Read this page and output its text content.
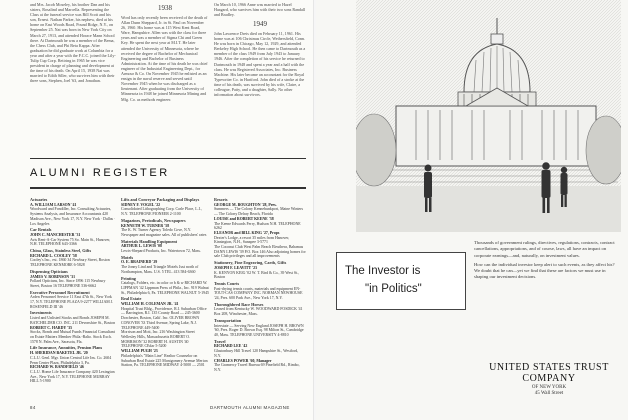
and Mrs. Jacob Moseley, his brother Dan and his sisters, Rosalind and Marcella. Representing the Class at the funeral service was Bill Scott and his son, Ernest. Nathan Parker, his nephew, died at his home on East Woods Road, Pound Ridge, N.Y., on September 25. Nat was born in New York City on March 27, 1913, and attended Horace Mann School there. At Dartmouth he was a member of the Bema, the Chess Club, and Phi Beta Kappa. After graduation he did graduate work at Columbia for a year and after a year with the F.C.C. joined the Lily-Tulip Cup Corp. Retiring in 1965 he was vice president in charge of planning and development at the time of his death. On April 15, 1938 Nat was married to Edith Siller, who survives him with their three sons, Stephen, Joel '63, and Jonathan.
1938
Word has only recently been received of the death of Allan Dunn Sheppard, Jr. in St. Paul on November 26, 1960. His home was at 115 West Kent Road, Ware, Hampshire. Allen was with the class for three years and was a member of Sigma Chi and Green Key. He spent the next year at M.I.T. He later attended the University of Minnesota, where he received the degree of Bachelor of Mechanical Engineering and Bachelor of Business Administration. At the time of his death he was chief engineer of the Industrial Engineering Dept., for Armour & Co. On November 1945 he enlisted as an ensign in the naval reserve and served until November 1945 when he was discharged as a lieutenant. After graduating from the University of Minnesota in 1948 he joined Minnesota Mining and Mfg. Co. as methods engineer.
On March 10, 1966 Anne was married to Hazel Haagard, who survives him with their two sons Randall and Bradley.
1949
John Lawrence Dreis died on February 11, 1961. His home was at 106 Christmas Circle, Wethersfield, Conn. He was born in Chicago, May 12, 1929, and attended Berkeley High School. He then came to Dartmouth as a member of the class 1949 from July 1943 to January 1946. After the completion of his service he returned to Dartmouth in 1948 and spent a year and a half with the class. He was Registered Associates, Inc. Business Machine. His later became an accountant for the Royal Typewriter Co. in Hartford. John died of a stroke at the time of his death, was survived by his wife, Claire, a colleague, Patty, and a daughter, Sally. No other information about survivors.
ALUMNI REGISTER
Actuaries
A. WILLIAM LARSON '41
Woodward and Fondiller, Inc. Consulting Actuaries, Systems Analysis, and Insurance Accountants 420 Madison Ave., New York 17, N.Y. New York · Dallas · Los Angeles
Car Rentals
JOHN C. MANCHESTER '31
Avis Rent-A-Car System 75 So. Main St., Hanover, N.H. TELEPHONE 643-3366
China, Glass, Stainless Steel, Gifts
RICHARD L. COOLEY '58
Cooley's Inc., est. 1860 34 Newbury Street, Boston TELEPHONE KENMORE 6-5828
Dispensing Opticians
JAMES V. ROBINSON '31
Pollard Opticians, Inc. Since 1896 115 Newbury Street, Boston 16 TELEPHONE 536-6662
Executive Personnel Recruitment
Arden Personnel Service 11 East 47th St., New York 17, N.Y. TELEPHONE PLAZA 9-2277 WILLIAM J. ROSENFELD III '46
Investments
Listed and Unlisted Stocks and Bonds JOSEPH M. BATCHELDER CO. INC. 211 Devonshire St., Boston
ROBERT C. HARDY '35
Stocks, Bonds and Mutual Funds Financial Consultant on Estate Matters Member Phila.-Balto. Stock Exch. 1578 N. Palm Ave., Sarasota, Fla.
Life Insurance, Annuities, Pension Plans
H. SHERIDAN BAKETEL JR. '20
C.L.U. Genl. Mgr. Union Central Life Ins. Co. 2604 Penn Center Plaza, Philadelphia 3, Pa.
RICHARD W. BANDFIELD '46
C.L.U. Home Life Insurance Company 420 Lexington Ave., New York 17, N.Y. TELEPHONE MURRAY HILL 5-1900
Lifts and Conveyor Packaging and Displays
SIDNEY F. VOGEL '22
Consolidated Lithographing Corp. Carle Place, L.I., N.Y. TELEPHONE PIONEER 2-1100
Magazines, Periodicals, Newspapers
KENNETH W. TURNER '58
The K. W. Turner Agency Toledo Cove, N.Y. Newspaper and magazine sales. All of publishers' rates
Materials Handling Equipment
ARTHUR L. LEWIS '08
Lewis-Shepard Products, Inc. Watertown 72, Mass.
Motels
O. E. BRAINERD '29
The Jonny Lind and Triangle Motels Just north of Northampton, Mass. U.S. 5 TEL. 413 584-6360
Printing
Catalogs, Folders, etc. in color or b & w RICHARD W. LIPPMAN '42 Lippman Press of Phila., Inc. 919 Walnut St., Philadelphia 6, Pa. TELEPHONE WALNUT 5-1945
Real Estate
WILLIAM H. COLEMAN JR. '41
Hospital Trust Bldg., Providence, R.I. Suburban Office — Barrington, R.I. 135 County Road — 245-3600
Dorchester, Boston, Calif. Inc. OLIVER BROWN CONOVER '33 Third Avenue, Spring Lake, N.J. TELEPHONE 449-5400
Morrison and Mott, Inc. 216 Washington Street Wellesley Hills, Massachusetts ROBERT O. MORRISON '32 ROBERT H. AUSTIN '40 TELEPHONE CEdar 5-5200
WILLIAM PUGH '23
Philadelphia's "Main Line" Realtor Counselor on Suburban Real Estate 225 Montgomery Avenue Merion Station, Pa. TELEPHONE MIDWAY 4-5000 — 2501
Resorts
GEORGE M. BOUGHTON '28, Pres.
Summers — The Colony Kennebunkport, Maine Winters — The Colony Delray Beach, Florida
LOUISE and ROBERT KEENE '38
The Keene Edwards Ferry, Hudson N.H. TELEPHONE 6262
ELEANOR and BILL KING '27, Props
Dexter's Lodge, a resort 35 miles from Hanover, Kinsington, N.H., Sunapee 3-5771
The Coconut Club West Palm Beach Eleuthera, Bahamas DANN LEWIS '39 P.O. Box 146 Also adjoining homes for sale Club privileges and all improvements
Stationery, Fine Engraving, Cards, Gifts
JOSEPH F. LEAVITT '23
K. KENYON KEIG '02 W. T. Bird & Co., 39 West St., Boston
Tennis Courts
Fast-drying tennis courts, materials and equipment EN-TOUT-CAS COMPANY INC. NORMAN NEWHOUSE '24, Pres. 600 Park Ave., New York 17, N.Y.
Thoroughbred Race Horses
Leased from Kentucky W. WOODWARD FOSDICK '41 Box 208, Winchester, Mass.
Transportation
Interstate — Serving New England JOSEPH H. BROWN '60, Pres. Roger D. Brown Esq. 98 Milton St., Cambridge 40, Mass. TELEPHONE UNIVERSITY 4-8810
Travel
RICHARD LEE '42
Glastonbury Hill Travel 120 Hampshire St., Westford, N.Y.
CHARLES POWER '60, Manager
The Gramercy Travel Bureau 69 Pinefield Rd., Rimbo, N.Y.
84	DARTMOUTH ALUMNI MAGAZINE
The Investor is
"in Politics"

Thousands of government rulings, directives, regulations, contracts, contract cancellations, appropriations, and of course, laws, all have an impact on corporate earnings—and, naturally, on investment values.

How can the individual investor keep alert to such events, as they affect his? We doubt that he can—yet we find that these are factors we must use in shaping our investment decisions.

UNITED STATES TRUST COMPANY
OF NEW YORK
45 Wall Street
